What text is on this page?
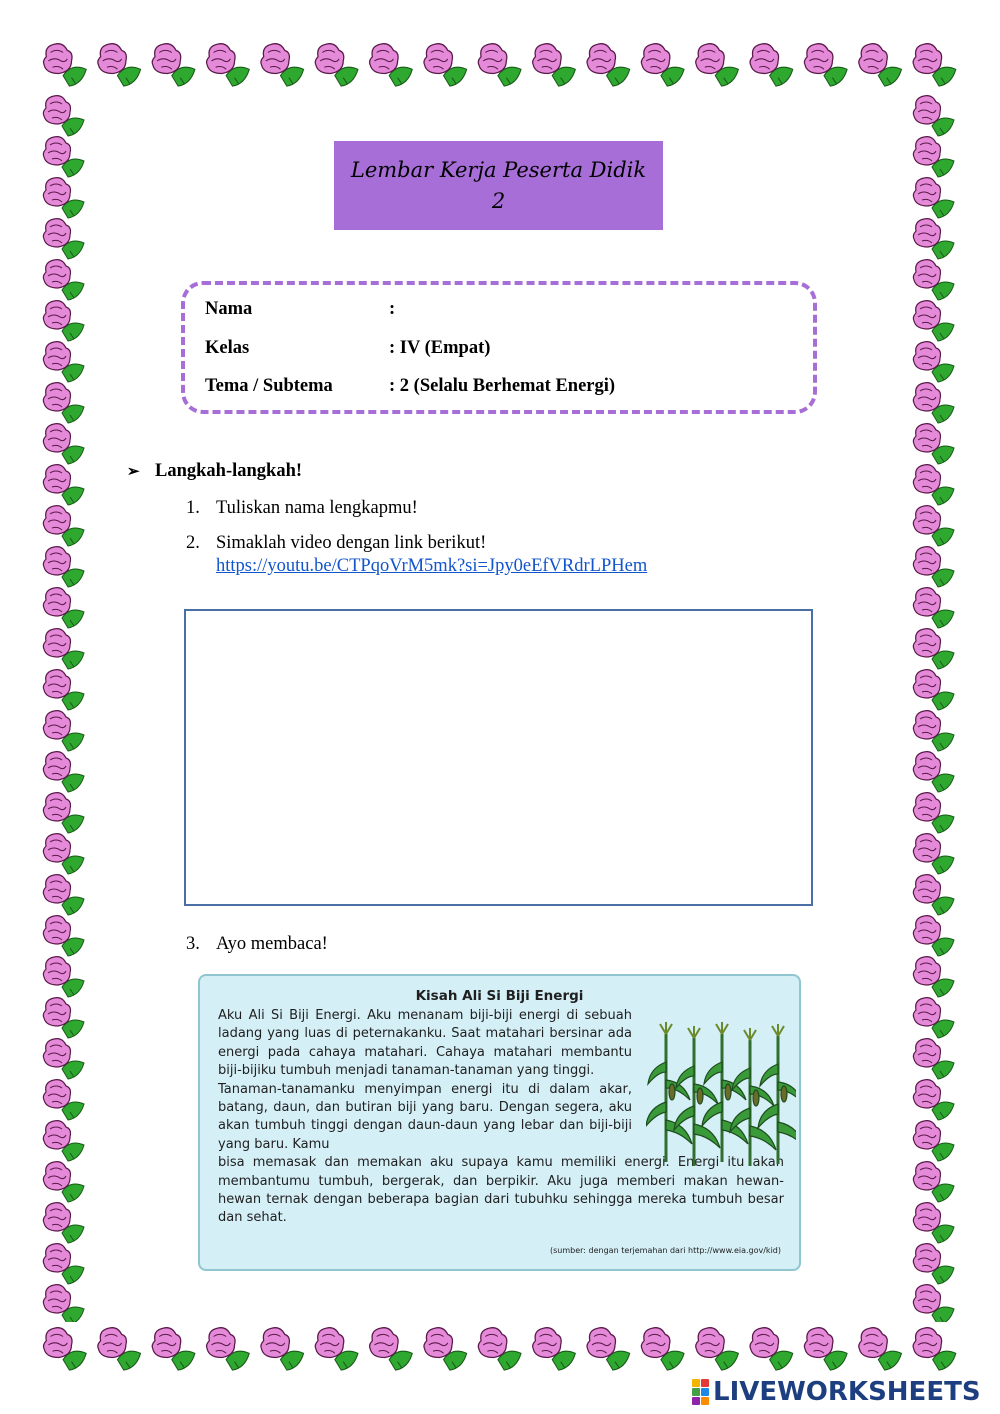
Lembar Kerja Peserta Didik
2
Nama	:
Kelas	: IV (Empat)
Tema / Subtema	: 2 (Selalu Berhemat Energi)
➢ Langkah-langkah!
1. Tuliskan nama lengkapmu!
2. Simaklah video dengan link berikut!
https://youtu.be/CTPqoVrM5mk?si=Jpy0eEfVRdrLPHem
3. Ayo membaca!
Kisah Ali Si Biji Energi
Aku Ali Si Biji Energi. Aku menanam biji-biji energi di sebuah ladang yang luas di peternakanku. Saat matahari bersinar ada energi pada cahaya matahari. Cahaya matahari membantu biji-bijiku tumbuh menjadi tanaman-tanaman yang tinggi.
Tanaman-tanamanku menyimpan energi itu di dalam akar, batang, daun, dan butiran biji yang baru. Dengan segera, aku akan tumbuh tinggi dengan daun-daun yang lebar dan biji-biji yang baru. Kamu
bisa memasak dan memakan aku supaya kamu memiliki energi. Energi itu akan membantumu tumbuh, bergerak, dan berpikir. Aku juga memberi makan hewan-hewan ternak dengan beberapa bagian dari tubuhku sehingga mereka tumbuh besar dan sehat.
(sumber: dengan terjemahan dari http://www.eia.gov/kid)
LIVEWORKSHEETS
